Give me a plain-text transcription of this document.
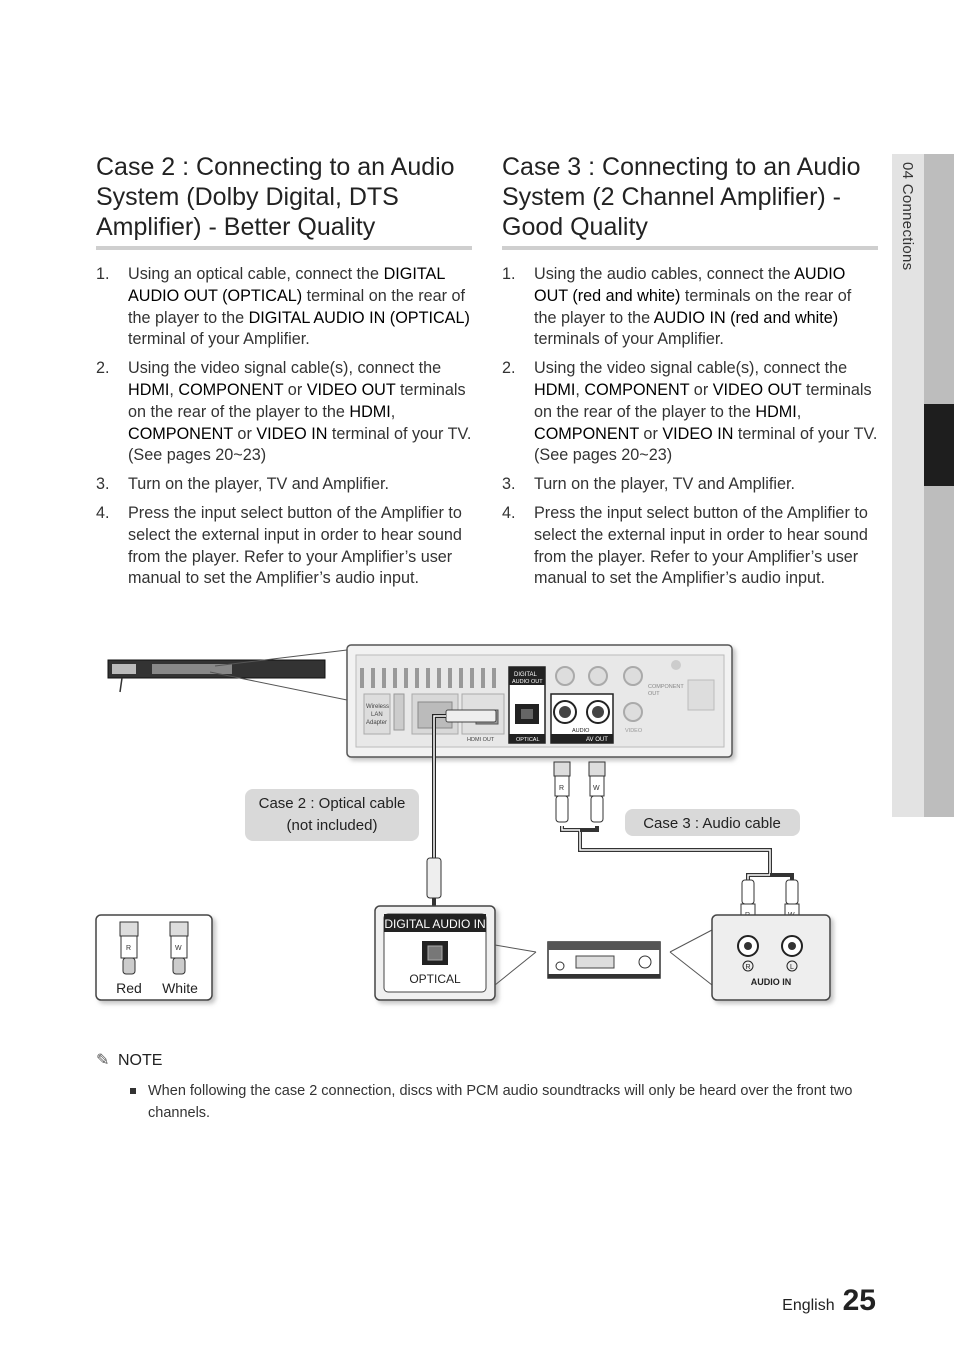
Case 2 : Connecting to an Audio System (Dolby Digital, DTS Amplifier) - Better Quality
1. Using an optical cable, connect the DIGITAL AUDIO OUT (OPTICAL) terminal on the rear of the player to the DIGITAL AUDIO IN (OPTICAL) terminal of your Amplifier.
2. Using the video signal cable(s), connect the HDMI, COMPONENT or VIDEO OUT terminals on the rear of the player to the HDMI, COMPONENT or VIDEO IN terminal of your TV. (See pages 20~23)
3. Turn on the player, TV and Amplifier.
4. Press the input select button of the Amplifier to select the external input in order to hear sound from the player. Refer to your Amplifier’s user manual to set the Amplifier’s audio input.
Case 3 : Connecting to an Audio System (2 Channel Amplifier) - Good Quality
1. Using the audio cables, connect the AUDIO OUT (red and white) terminals on the rear of the player to the AUDIO IN (red and white) terminals of your Amplifier.
2. Using the video signal cable(s), connect the HDMI, COMPONENT or VIDEO OUT terminals on the rear of the player to the HDMI, COMPONENT or VIDEO IN terminal of your TV. (See pages 20~23)
3. Turn on the player, TV and Amplifier.
4. Press the input select button of the Amplifier to select the external input in order to hear sound from the player. Refer to your Amplifier’s user manual to set the Amplifier’s audio input.
04 Connections
Wireless
LAN
Adapter
HDMI OUT
DIGITAL
AUDIO OUT
OPTICAL
AUDIO
AV OUT
VIDEO
COMPONENT
OUT
R	W
Case 2 : Optical cable
(not included)	Case 3 : Audio cable
R	W
Red White
DIGITAL AUDIO IN
OPTICAL
R	L
AUDIO IN
✎ NOTE
When following the case 2 connection, discs with PCM audio soundtracks will only be heard over the front two channels.
English 25
